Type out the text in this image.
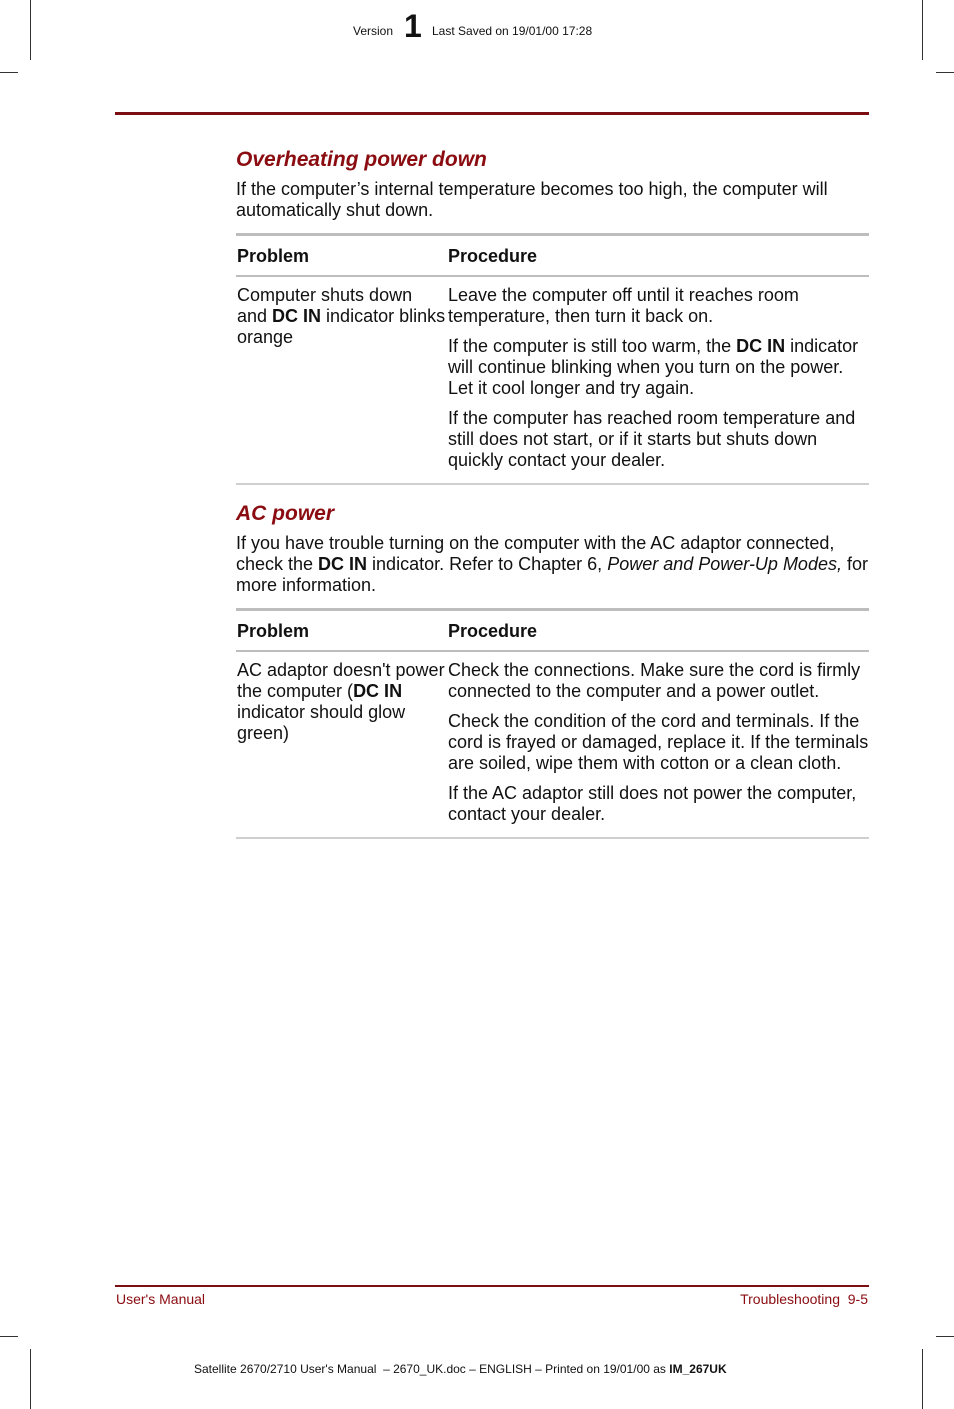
Version 1 Last Saved on 19/01/00 17:28
Overheating power down

If the computer’s internal temperature becomes too high, the computer will automatically shut down.

Problem	Procedure
Computer shuts down and DC IN indicator blinks orange	Leave the computer off until it reaches room temperature, then turn it back on.

If the computer is still too warm, the DC IN indicator will continue blinking when you turn on the power. Let it cool longer and try again.

If the computer has reached room temperature and still does not start, or if it starts but shuts down quickly contact your dealer.

AC power

If you have trouble turning on the computer with the AC adaptor connected, check the DC IN indicator. Refer to Chapter 6, Power and Power-Up Modes, for more information.

Problem	Procedure
AC adaptor doesn't power the computer (DC IN indicator should glow green)	Check the connections. Make sure the cord is firmly connected to the computer and a power outlet.

Check the condition of the cord and terminals. If the cord is frayed or damaged, replace it. If the terminals are soiled, wipe them with cotton or a clean cloth.

If the AC adaptor still does not power the computer, contact your dealer.

User's Manual	Troubleshooting  9-5
Satellite 2670/2710 User's Manual  – 2670_UK.doc – ENGLISH – Printed on 19/01/00 as IM_267UK
